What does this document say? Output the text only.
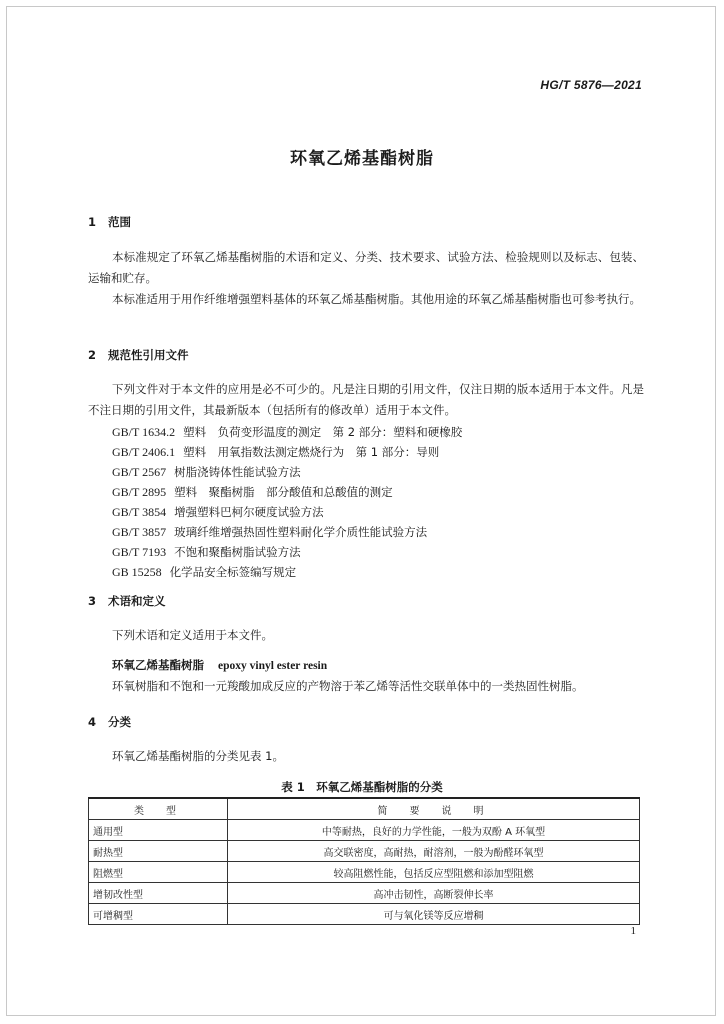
HG/T 5876—2021
环氧乙烯基酯树脂
1 范围
本标准规定了环氧乙烯基酯树脂的术语和定义、分类、技术要求、试验方法、检验规则以及标志、包装、运输和贮存。
本标准适用于用作纤维增强塑料基体的环氧乙烯基酯树脂。其他用途的环氧乙烯基酯树脂也可参考执行。
2 规范性引用文件
下列文件对于本文件的应用是必不可少的。凡是注日期的引用文件，仅注日期的版本适用于本文件。凡是不注日期的引用文件，其最新版本（包括所有的修改单）适用于本文件。
GB/T 1634.2 塑料　负荷变形温度的测定　第 2 部分：塑料和硬橡胶
GB/T 2406.1 塑料　用氧指数法测定燃烧行为　第 1 部分：导则
GB/T 2567 树脂浇铸体性能试验方法
GB/T 2895 塑料　聚酯树脂　部分酸值和总酸值的测定
GB/T 3854 增强塑料巴柯尔硬度试验方法
GB/T 3857 玻璃纤维增强热固性塑料耐化学介质性能试验方法
GB/T 7193 不饱和聚酯树脂试验方法
GB 15258 化学品安全标签编写规定
3 术语和定义
下列术语和定义适用于本文件。
环氧乙烯基酯树脂 epoxy vinyl ester resin
环氧树脂和不饱和一元羧酸加成反应的产物溶于苯乙烯等活性交联单体中的一类热固性树脂。
4 分类
环氧乙烯基酯树脂的分类见表 1。
表 1　环氧乙烯基酯树脂的分类
类　型	简　要　说　明
通用型	中等耐热，良好的力学性能，一般为双酚 A 环氧型
耐热型	高交联密度，高耐热，耐溶剂，一般为酚醛环氧型
阻燃型	较高阻燃性能，包括反应型阻燃和添加型阻燃
增韧改性型	高冲击韧性，高断裂伸长率
可增稠型	可与氧化镁等反应增稠
1
